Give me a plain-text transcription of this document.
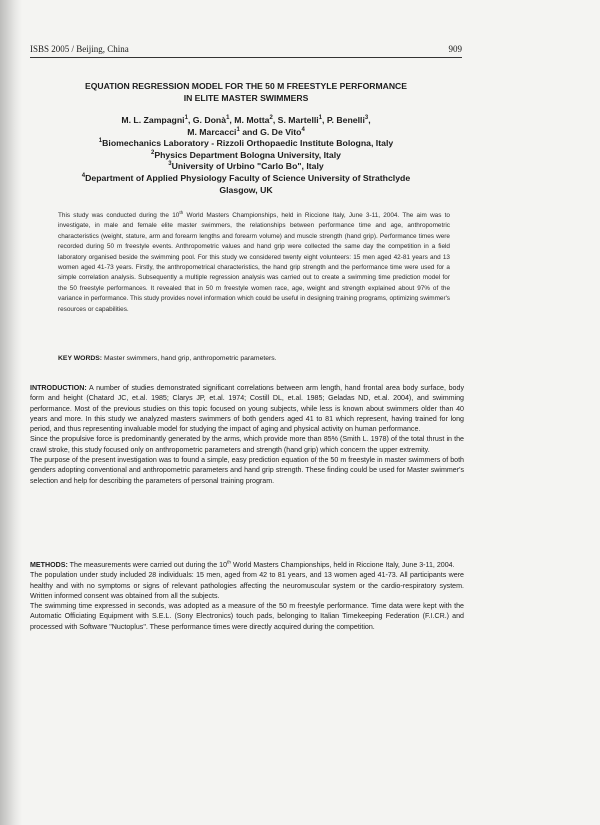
ISBS 2005 / Beijing, China	909
EQUATION REGRESSION MODEL FOR THE 50 M FREESTYLE PERFORMANCE
IN ELITE MASTER SWIMMERS
M. L. Zampagni$^1$, G. Donà$^1$, M. Motta$^2$, S. Martelli$^1$, P. Benelli$^3$,
M. Marcacci$^1$ and G. De Vito$^4$
$^1$Biomechanics Laboratory - Rizzoli Orthopaedic Institute Bologna, Italy
$^2$Physics Department Bologna University, Italy
$^3$University of Urbino "Carlo Bo", Italy
$^4$Department of Applied Physiology Faculty of Science University of Strathclyde
Glasgow, UK
This study was conducted during the 10th World Masters Championships, held in Riccione Italy, June 3-11, 2004. The aim was to investigate, in male and female elite master swimmers, the relationships between performance time and age, anthropometric characteristics (weight, stature, arm and forearm lengths and forearm volume) and muscle strength (hand grip). Performance times were recorded during 50 m freestyle events. Anthropometric values and hand grip were collected the same day the competition in a field laboratory organised beside the swimming pool. For this study we considered twenty eight volunteers: 15 men aged 42-81 years and 13 women aged 41-73 years. Firstly, the anthropometrical characteristics, the hand grip strength and the performance time were used for a simple correlation analysis. Subsequently a multiple regression analysis was carried out to create a swimming time prediction model for the 50 freestyle performances. It revealed that in 50 m freestyle women race, age, weight and strength explained about 97% of the variance in performance. This study provides novel information which could be useful in designing training programs, optimizing swimmer's resources or capabilities.
KEY WORDS: Master swimmers, hand grip, anthropometric parameters.

INTRODUCTION: A number of studies demonstrated significant correlations between arm length, hand frontal area body surface, body form and height (Chatard JC, et.al. 1985; Clarys JP, et.al. 1974; Costill DL, et.al. 1985; Geladas ND, et.al. 2004), and swimming performance. Most of the previous studies on this topic focused on young subjects, while less is known about swimmers older than 40 years and more. In this study we analyzed masters swimmers of both genders aged 41 to 81 which represent, having trained for long period, and thus representing invaluable model for studying the impact of aging and physical activity on human performance.

Since the propulsive force is predominantly generated by the arms, which provide more than 85% (Smith L. 1978) of the total thrust in the crawl stroke, this study focused only on anthropometric parameters and strength (hand grip) which concern the upper extremity.

The purpose of the present investigation was to found a simple, easy prediction equation of the 50 m freestyle in master swimmers of both genders adopting conventional and anthropometric parameters and hand grip strength. These finding could be used for Master swimmer's selection and help for describing the parameters of personal training program.

METHODS: The measurements were carried out during the 10th World Masters Championships, held in Riccione Italy, June 3-11, 2004.

The population under study included 28 individuals: 15 men, aged from 42 to 81 years, and 13 women aged 41-73. All participants were healthy and with no symptoms or signs of relevant pathologies affecting the neuromuscular system or the cardio-respiratory system. Written informed consent was obtained from all the subjects.

The swimming time expressed in seconds, was adopted as a measure of the 50 m freestyle performance. Time data were kept with the Automatic Officiating Equipment with S.E.L. (Sony Electronics) touch pads, belonging to Italian Timekeeping Federation (F.I.CR.) and processed with Software "Nuctoplus". These performance times were directly acquired during the competition.
